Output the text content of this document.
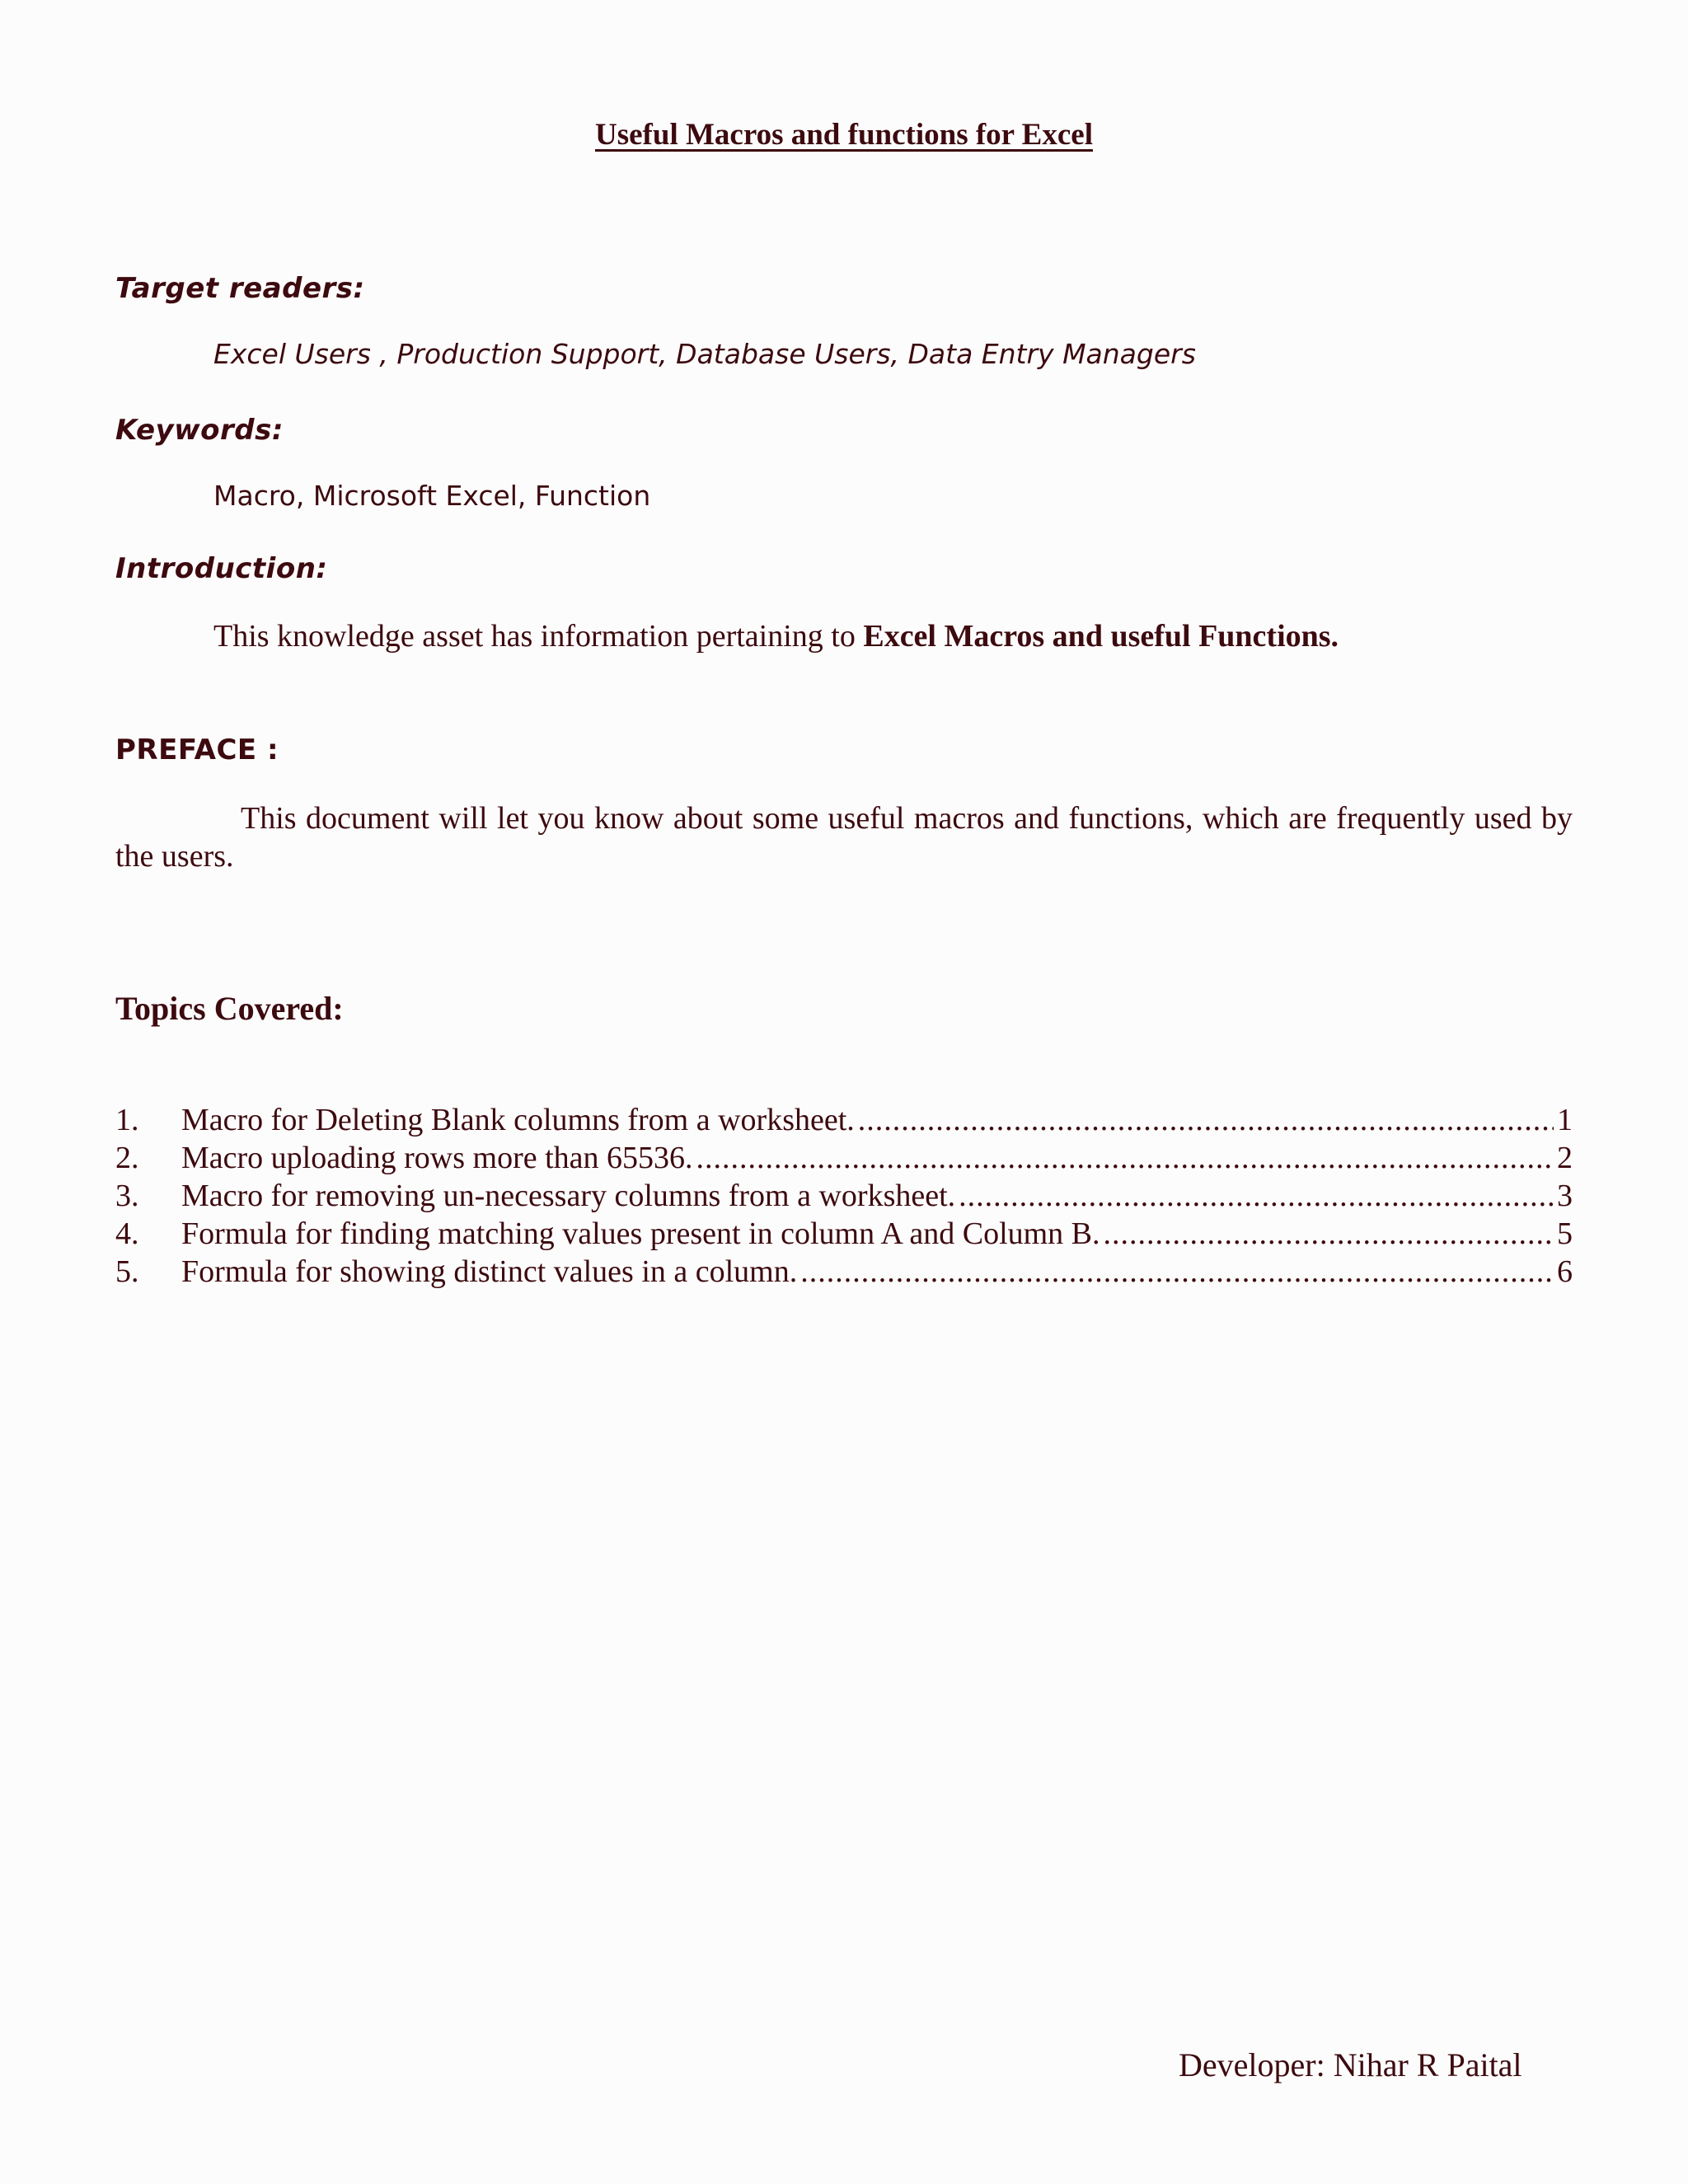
Useful Macros and functions for Excel
Target readers:
Excel Users , Production Support, Database Users, Data Entry Managers
Keywords:
Macro, Microsoft Excel, Function
Introduction:
This knowledge asset has information pertaining to Excel Macros and useful Functions.
PREFACE :
This document will let you know about some useful macros and functions, which are frequently used by the users.
Topics Covered:
1.	Macro for Deleting Blank columns from a worksheet. .....	1
2.	Macro uploading rows more than 65536. .....	2
3.	Macro for removing un-necessary columns from a worksheet. .....	3
4.	Formula for finding matching values present in column A and Column B. .....	5
5.	Formula for showing distinct values in a column. .....	6
Developer: Nihar R Paital
